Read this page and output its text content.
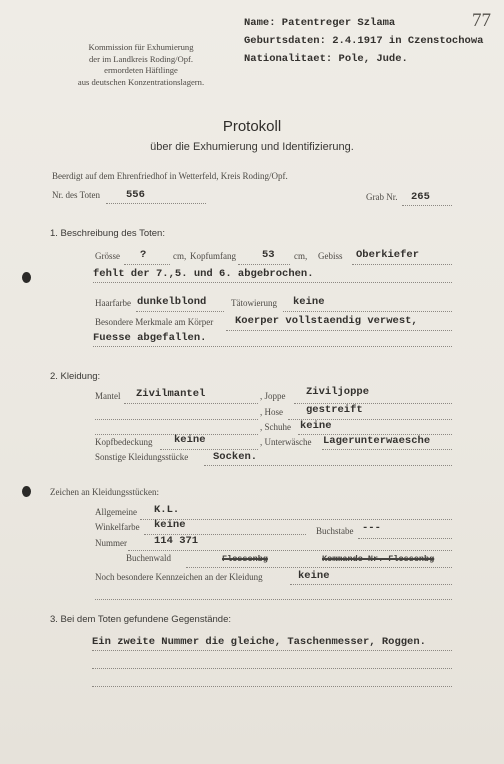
77
Kommission für Exhumierung
der im Landkreis Roding/Opf.
ermordeten Häftlinge
aus deutschen Konzentrationslagern.
Name: Patentreger Szlama
Geburtsdaten: 2.4.1917 in Czenstochowa
Nationalitaet: Pole, Jude.
Protokoll
über die Exhumierung und Identifizierung.
Beerdigt auf dem Ehrenfriedhof in Wetterfeld, Kreis Roding/Opf.
Nr. des Toten 556	Grab Nr. 265
1. Beschreibung des Toten:
Grösse ?	cm, Kopfumfang 53 cm, Gebiss Oberkiefer
fehlt der 7.,5. und 6. abgebrochen.
Haarfarbe dunkelblond	Tätowierung keine
Besondere Merkmale am Körper Koerper vollstaendig verwest,
Fuesse abgefallen.
2. Kleidung:
Mantel Zivilmantel	, Joppe Ziviljoppe
, Hose gestreift
, Schuhe keine
Kopfbedeckung keine	, Unterwäsche Lagerunterwaesche
Sonstige Kleidungsstücke Socken.
Zeichen an Kleidungsstücken:
Allgemeine K.L.
Winkelfarbe keine	Buchstabe ---
Nummer	114 371
Buchenwald	Flossenbg	Kommando-Nr. Flossenbg
Noch besondere Kennzeichen an der Kleidung	keine
3. Bei dem Toten gefundene Gegenstände:
Ein zweite Nummer die gleiche, Taschenmesser, Roggen.
